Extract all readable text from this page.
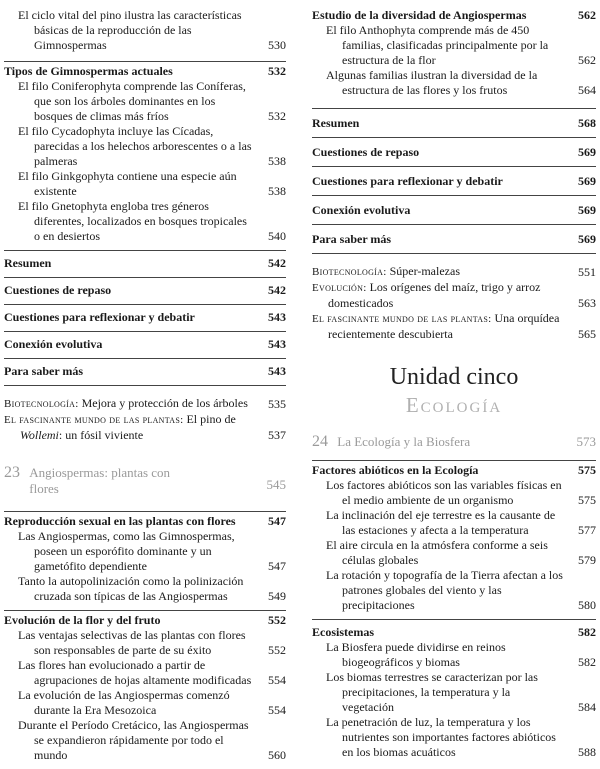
El ciclo vital del pino ilustra las características básicas de la reproducción de las Gimnospermas	530
Tipos de Gimnospermas actuales	532
El filo Coniferophyta comprende las Coníferas, que son los árboles dominantes en los bosques de climas más fríos	532
El filo Cycadophyta incluye las Cícadas, parecidas a los helechos arborescentes o a las palmeras	538
El filo Ginkgophyta contiene una especie aún existente	538
El filo Gnetophyta engloba tres géneros diferentes, localizados en bosques tropicales o en desiertos	540
Resumen	542
Cuestiones de repaso	542
Cuestiones para reflexionar y debatir	543
Conexión evolutiva	543
Para saber más	543
Biotecnología: Mejora y protección de los árboles 535
El fascinante mundo de las plantas: El pino de Wollemi: un fósil viviente	537
23 Angiospermas: plantas con flores	545
Reproducción sexual en las plantas con flores	547
Las Angiospermas, como las Gimnospermas, poseen un esporófito dominante y un gametófito dependiente	547
Tanto la autopolinización como la polinización cruzada son típicas de las Angiospermas	549
Evolución de la flor y del fruto	552
Las ventajas selectivas de las plantas con flores son responsables de parte de su éxito	552
Las flores han evolucionado a partir de agrupaciones de hojas altamente modificadas 554
La evolución de las Angiospermas comenzó durante la Era Mesozoica	554
Durante el Período Cretácico, las Angiospermas se expandieron rápidamente por todo el mundo	560
Estudio de la diversidad de Angiospermas	562
El filo Anthophyta comprende más de 450 familias, clasificadas principalmente por la estructura de la flor	562
Algunas familias ilustran la diversidad de la estructura de las flores y los frutos	564
Resumen	568
Cuestiones de repaso	569
Cuestiones para reflexionar y debatir	569
Conexión evolutiva	569
Para saber más	569
Biotecnología: Súper-malezas	551
Evolución: Los orígenes del maíz, trigo y arroz domesticados	563
El fascinante mundo de las plantas: Una orquídea recientemente descubierta	565
Unidad cinco
Ecología
24 La Ecología y la Biosfera	573
Factores abióticos en la Ecología	575
Los factores abióticos son las variables físicas en el medio ambiente de un organismo	575
La inclinación del eje terrestre es la causante de las estaciones y afecta a la temperatura	577
El aire circula en la atmósfera conforme a seis células globales	579
La rotación y topografía de la Tierra afectan a los patrones globales del viento y las precipitaciones	580
Ecosistemas	582
La Biosfera puede dividirse en reinos biogeográficos y biomas	582
Los biomas terrestres se caracterizan por las precipitaciones, la temperatura y la vegetación	584
La penetración de luz, la temperatura y los nutrientes son importantes factores abióticos en los biomas acuáticos	588
